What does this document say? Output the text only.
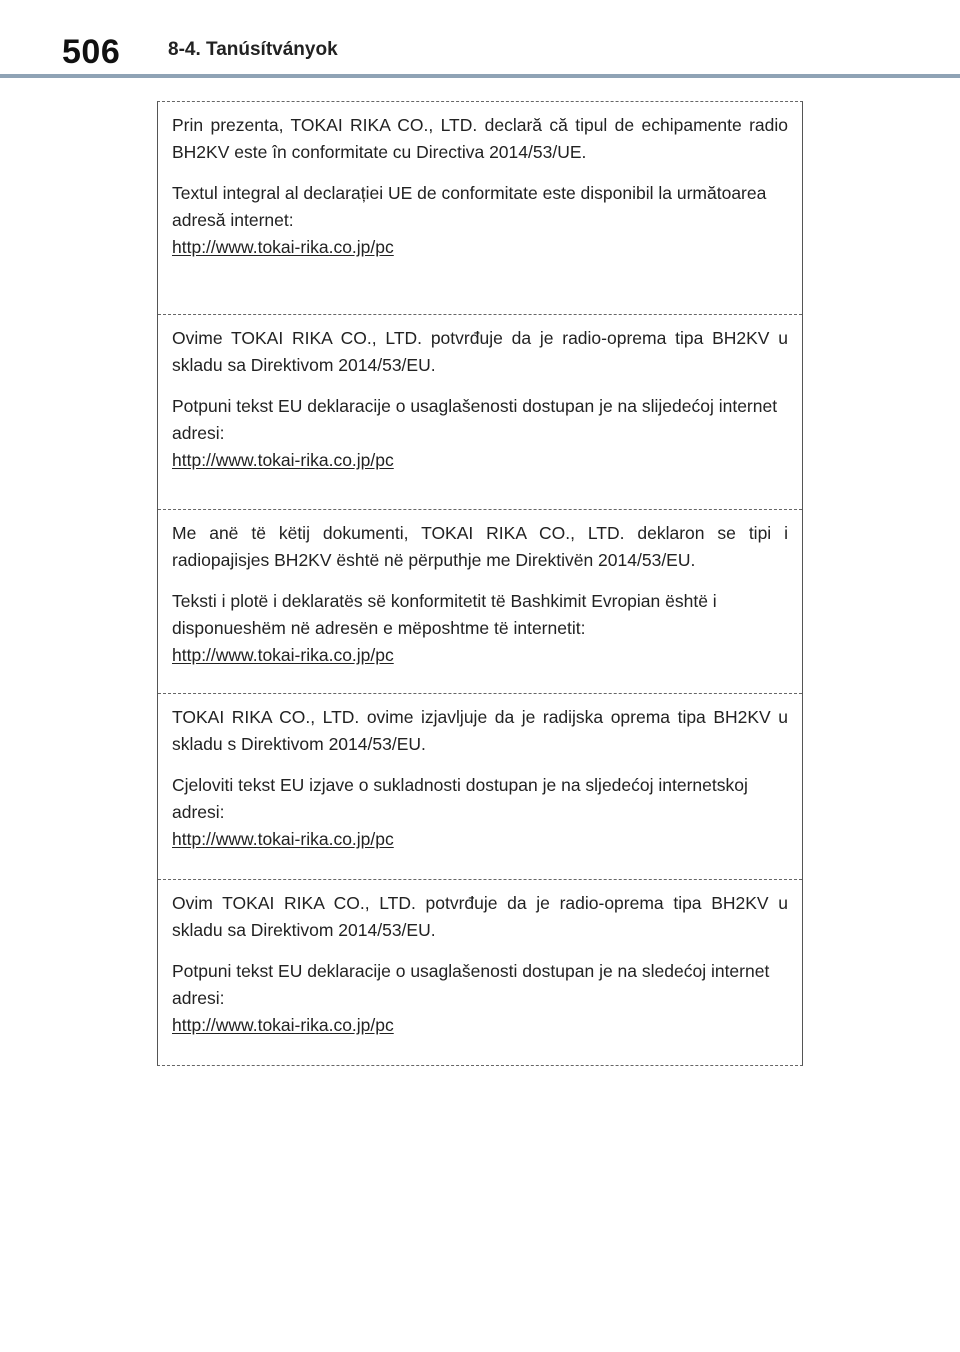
506	8-4. Tanúsítványok

Prin prezenta, TOKAI RIKA CO., LTD. declară că tipul de echipamente radio BH2KV este în conformitate cu Directiva 2014/53/UE.

Textul integral al declarației UE de conformitate este disponibil la următoarea adresă internet:

http://www.tokai-rika.co.jp/pc

Ovime TOKAI RIKA CO., LTD. potvrđuje da je radio-oprema tipa BH2KV u skladu sa Direktivom 2014/53/EU.

Potpuni tekst EU deklaracije o usaglašenosti dostupan je na slijedećoj internet adresi:

http://www.tokai-rika.co.jp/pc

Me anë të këtij dokumenti, TOKAI RIKA CO., LTD. deklaron se tipi i radiopajisjes BH2KV është në përputhje me Direktivën 2014/53/EU.

Teksti i plotë i deklaratës së konformitetit të Bashkimit Evropian është i disponueshëm në adresën e mëposhtme të internetit:

http://www.tokai-rika.co.jp/pc

TOKAI RIKA CO., LTD. ovime izjavljuje da je radijska oprema tipa BH2KV u skladu s Direktivom 2014/53/EU.

Cjeloviti tekst EU izjave o sukladnosti dostupan je na sljedećoj internetskoj adresi:

http://www.tokai-rika.co.jp/pc

Ovim TOKAI RIKA CO., LTD. potvrđuje da je radio-oprema tipa BH2KV u skladu sa Direktivom 2014/53/EU.

Potpuni tekst EU deklaracije o usaglašenosti dostupan je na sledećoj internet adresi:

http://www.tokai-rika.co.jp/pc
